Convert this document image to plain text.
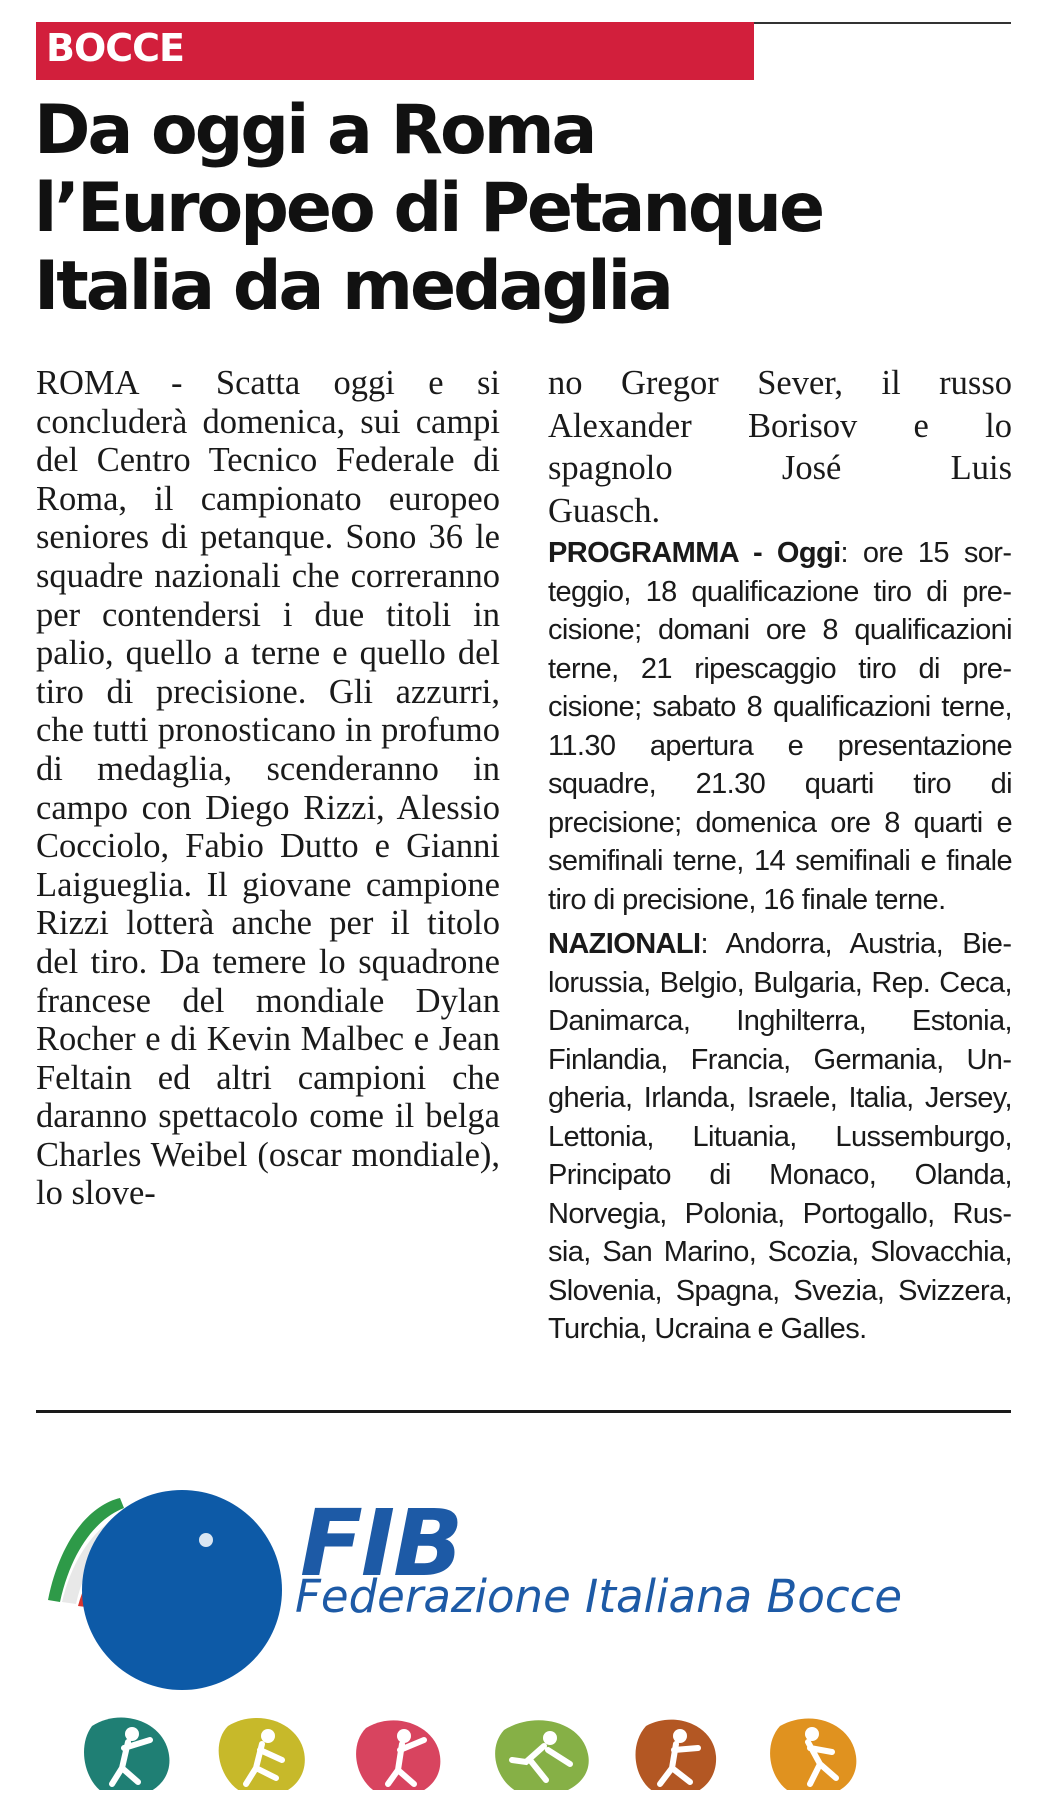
BOCCE
Da oggi a Roma
l’Europeo di Petanque
Italia da medaglia
ROMA - Scatta oggi e si concluderà domenica, sui campi del Centro Tecnico Federale di Roma, il campionato europeo seniores di petanque. Sono 36 le squadre nazionali che correranno per contendersi i due titoli in palio, quello a terne e quello del tiro di precisione. Gli azzurri, che tutti pronosticano in profumo di medaglia, scenderanno in campo con Diego Rizzi, Alessio Cocciolo, Fabio Dutto e Gianni Laigueglia. Il giovane campione Rizzi lotterà anche per il titolo del tiro. Da temere lo squadrone francese del mondiale Dylan Rocher e di Kevin Malbec e Jean Feltain ed altri campioni che daranno spettacolo come il belga Charles Weibel (oscar mondiale), lo slove-

no Gregor Sever, il russo

Alexander Borisov e lo

spagnolo José Luis

Guasch.

PROGRAMMA - Oggi: ore 15 sorteggio, 18 qualificazione tiro di precisione; domani ore 8 qualificazioni terne, 21 ripescaggio tiro di precisione; sabato 8 qualificazioni terne, 11.30 apertura e presentazione squadre, 21.30 quarti tiro di precisione; domenica ore 8 quarti e semifinali terne, 14 semifinali e finale tiro di precisione, 16 finale terne.

NAZIONALI: Andorra, Austria, Bielorussia, Belgio, Bulgaria, Rep. Ceca, Danimarca, Inghilterra, Estonia, Finlandia, Francia, Germania, Ungheria, Irlanda, Israele, Italia, Jersey, Lettonia, Lituania, Lussemburgo, Principato di Monaco, Olanda, Norvegia, Polonia, Portogallo, Russia, San Marino, Scozia, Slovacchia, Slovenia, Spagna, Svezia, Svizzera, Turchia, Ucraina e Galles.

FIB
Federazione Italiana Bocce
